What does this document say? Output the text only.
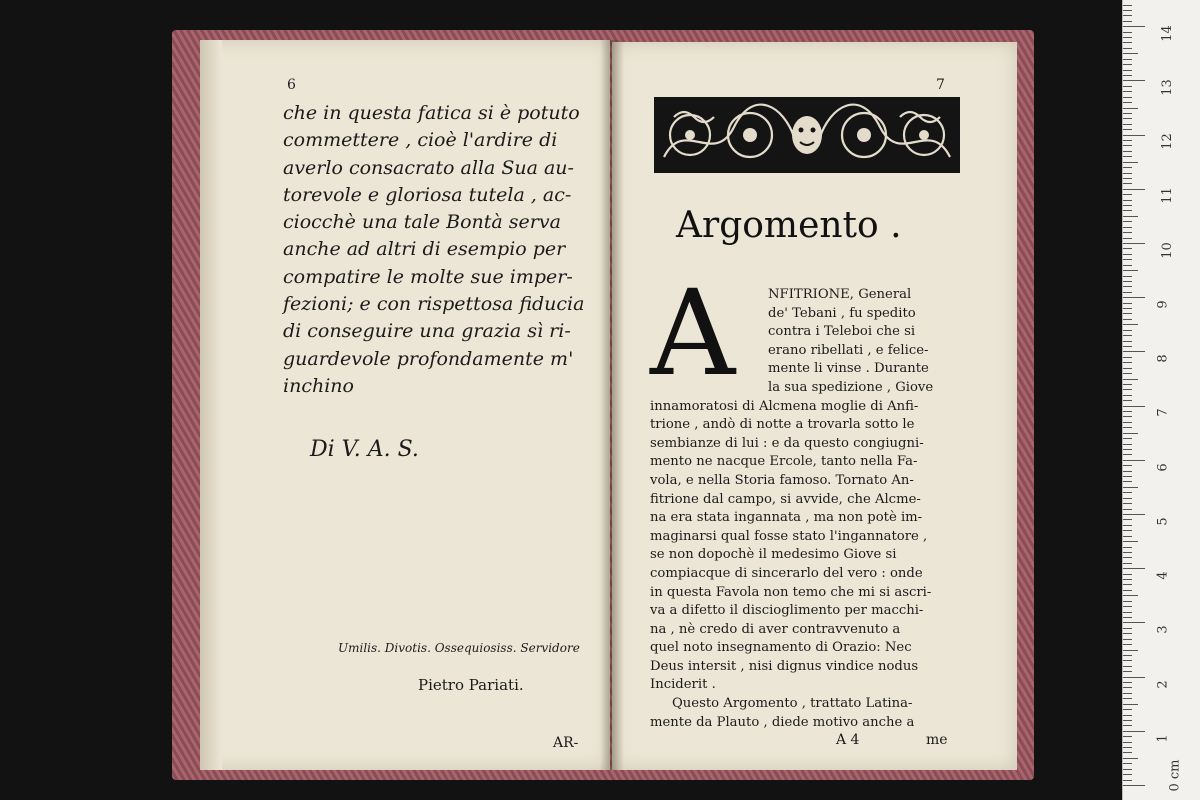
6
che in questa fatica si è potuto
commettere , cioè l'ardire di
averlo consacrato alla Sua au-
torevole e gloriosa tutela , ac-
ciocchè una tale Bontà serva
anche ad altri di esempio per
compatire le molte sue imper-
fezioni; e con rispettosa fiducia
di conseguire una grazia sì ri-
guardevole profondamente m'
inchino
Di V. A. S.
Umilis. Divotis. Ossequiosiss. Servidore
Pietro Pariati.
AR-
7
Argomento .
A	NFITRIONE, General
de' Tebani , fu spedito
contra i Teleboi che si
erano ribellati , e felice-
mente li vinse . Durante
la sua spedizione , Giove
innamoratosi di Alcmena moglie di Anfi-
trione , andò di notte a trovarla sotto le
sembianze di lui : e da questo congiugni-
mento ne nacque Ercole, tanto nella Fa-
vola, e nella Storia famoso. Tornato An-
fitrione dal campo, si avvide, che Alcme-
na era stata ingannata , ma non potè im-
maginarsi qual fosse stato l'ingannatore ,
se non dopochè il medesimo Giove si
compiacque di sincerarlo del vero : onde
in questa Favola non temo che mi si ascri-
va a difetto il discioglimento per macchi-
na , nè credo di aver contravvenuto a
quel noto insegnamento di Orazio: Nec
Deus intersit , nisi dignus vindice nodus
Inciderit .
Questo Argomento , trattato Latina-
mente da Plauto , diede motivo anche a
A 4	me
0 cm
1
2
3
4
5
6
7
8
9
10
11
12
13
14
